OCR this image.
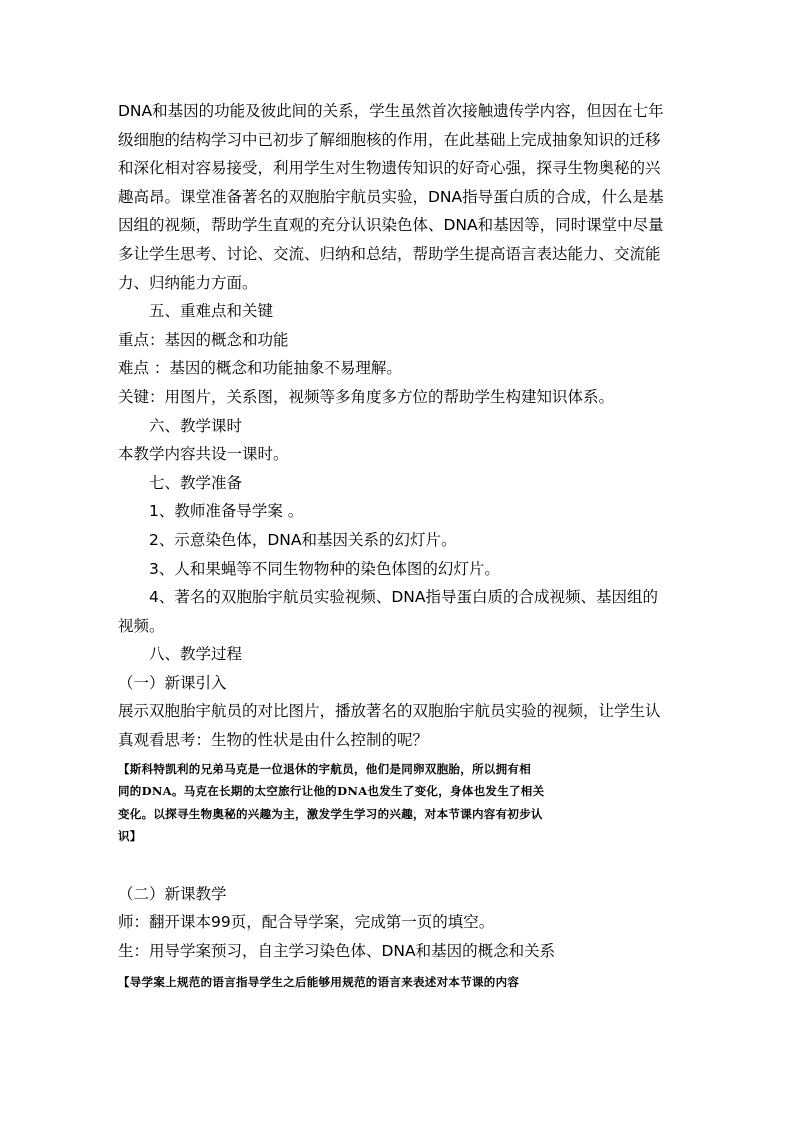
DNA和基因的功能及彼此间的关系，学生虽然首次接触遗传学内容，但因在七年

级细胞的结构学习中已初步了解细胞核的作用，在此基础上完成抽象知识的迁移

和深化相对容易接受，利用学生对生物遗传知识的好奇心强，探寻生物奥秘的兴

趣高昂。课堂准备著名的双胞胎宇航员实验，DNA指导蛋白质的合成，什么是基

因组的视频，帮助学生直观的充分认识染色体、DNA和基因等，同时课堂中尽量

多让学生思考、讨论、交流、归纳和总结，帮助学生提高语言表达能力、交流能

力、归纳能力方面。

五、重难点和关键

重点：基因的概念和功能

难点 ：基因的概念和功能抽象不易理解。

关键：用图片，关系图，视频等多角度多方位的帮助学生构建知识体系。

六、教学课时

本教学内容共设一课时。

七、教学准备

1、教师准备导学案 。

2、示意染色体，DNA和基因关系的幻灯片。

3、人和果蝇等不同生物物种的染色体图的幻灯片。

4、著名的双胞胎宇航员实验视频、DNA指导蛋白质的合成视频、基因组的

视频。

八、教学过程

（一）新课引入

展示双胞胎宇航员的对比图片，播放著名的双胞胎宇航员实验的视频，让学生认

真观看思考：生物的性状是由什么控制的呢？

【斯科特凯利的兄弟马克是一位退休的宇航员，他们是同卵双胞胎，所以拥有相

同的DNA。马克在长期的太空旅行让他的DNA也发生了变化，身体也发生了相关

变化。以探寻生物奥秘的兴趣为主，激发学生学习的兴趣，对本节课内容有初步认

识】

（二）新课教学

师：翻开课本99页，配合导学案，完成第一页的填空。

生：用导学案预习，自主学习染色体、DNA和基因的概念和关系

【导学案上规范的语言指导学生之后能够用规范的语言来表述对本节课的内容
